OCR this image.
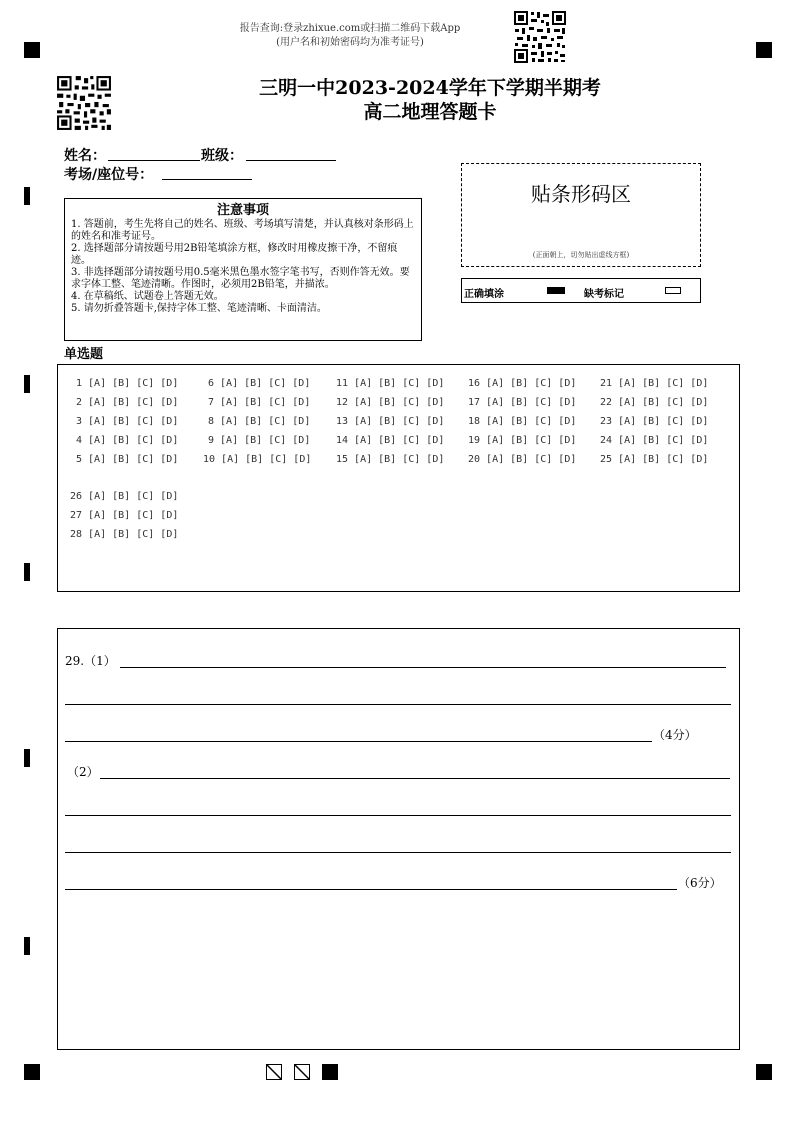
报告查询:登录zhixue.com或扫描二维码下载App
(用户名和初始密码均为准考证号)
三明一中2023-2024学年下学期半期考
高二地理答题卡
姓名：	班级：
考场/座位号：
贴条形码区
(正面朝上，切勿贴出虚线方框)
正确填涂	缺考标记
注意事项
1. 答题前，考生先将自己的姓名、班级、考场填写清楚，并认真核对条形码上的姓名和准考证号。
2. 选择题部分请按题号用2B铅笔填涂方框，修改时用橡皮擦干净，不留痕迹。
3. 非选择题部分请按题号用0.5毫米黑色墨水签字笔书写，否则作答无效。要求字体工整、笔迹清晰。作图时，必须用2B铅笔，并描浓。
4. 在草稿纸、试题卷上答题无效。
5. 请勿折叠答题卡,保持字体工整、笔迹清晰、卡面清洁。
单选题
1 [A] [B] [C] [D]
2 [A] [B] [C] [D]
3 [A] [B] [C] [D]
4 [A] [B] [C] [D]
5 [A] [B] [C] [D]
6 [A] [B] [C] [D]
7 [A] [B] [C] [D]
8 [A] [B] [C] [D]
9 [A] [B] [C] [D]
10 [A] [B] [C] [D]
11 [A] [B] [C] [D]
12 [A] [B] [C] [D]
13 [A] [B] [C] [D]
14 [A] [B] [C] [D]
15 [A] [B] [C] [D]
16 [A] [B] [C] [D]
17 [A] [B] [C] [D]
18 [A] [B] [C] [D]
19 [A] [B] [C] [D]
20 [A] [B] [C] [D]
21 [A] [B] [C] [D]
22 [A] [B] [C] [D]
23 [A] [B] [C] [D]
24 [A] [B] [C] [D]
25 [A] [B] [C] [D]
26 [A] [B] [C] [D]
27 [A] [B] [C] [D]
28 [A] [B] [C] [D]
29.（1）
（4分）
（2）
（6分）
